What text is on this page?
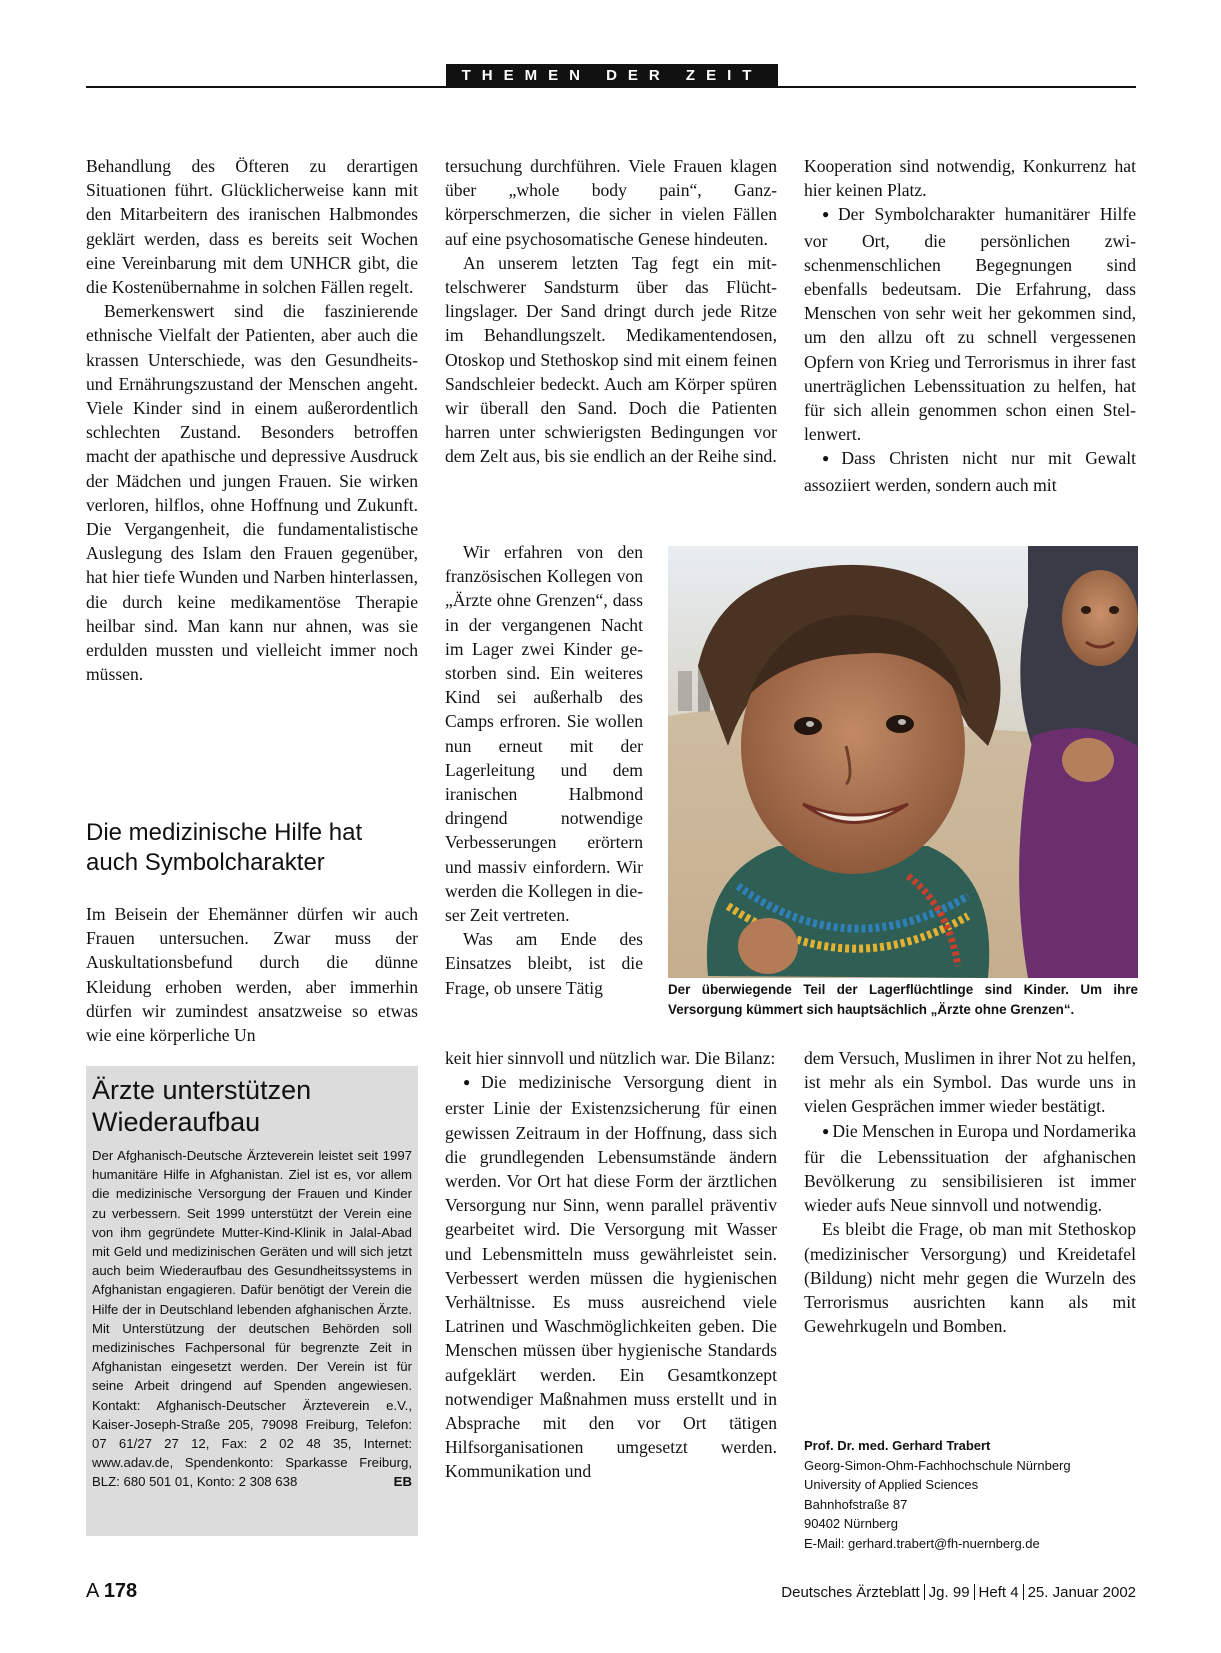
THEMEN DER ZEIT

Behandlung des Öfteren zu derartigen Situationen führt. Glücklicherweise kann mit den Mitarbeitern des iranischen Halbmondes geklärt werden, dass es bereits seit Wochen eine Vereinbarung mit dem UNHCR gibt, die die Kostenübernahme in solchen Fällen regelt.

Bemerkenswert sind die faszinierende ethnische Vielfalt der Patienten, aber auch die krassen Unterschiede, was den Gesundheits- und Ernährungszustand der Menschen angeht. Viele Kinder sind in einem außerordentlich schlechten Zustand. Besonders betroffen macht der apathische und depressive Ausdruck der Mädchen und jungen Frauen. Sie wirken verloren, hilflos, ohne Hoffnung und Zukunft. Die Vergangenheit, die fundamentalistische Auslegung des Islam den Frauen gegenüber, hat hier tiefe Wunden und Narben hinterlassen, die durch keine medikamentöse Therapie heilbar sind. Man kann nur ahnen, was sie erdulden mussten und vielleicht immer noch müssen.

Die medizinische Hilfe hat auch Symbolcharakter

Im Beisein der Ehemänner dürfen wir auch Frauen untersuchen. Zwar muss der Auskultationsbefund durch die dünne Kleidung erhoben werden, aber immerhin dürfen wir zumindest ansatzweise so etwas wie eine körperliche Un

Ärzte unterstützen Wiederaufbau
Der Afghanisch-Deutsche Ärzteverein leistet seit 1997 humanitäre Hilfe in Afghanistan. Ziel ist es, vor allem die medizinische Versorgung der Frauen und Kinder zu verbessern. Seit 1999 unterstützt der Verein eine von ihm gegründete Mutter-Kind-Klinik in Jalal-Abad mit Geld und medizinischen Geräten und will sich jetzt auch beim Wiederaufbau des Gesundheitssystems in Afghanistan engagieren. Dafür benötigt der Verein die Hilfe der in Deutschland lebenden afghanischen Ärzte. Mit Unterstützung der deutschen Behörden soll medizinisches Fachpersonal für begrenzte Zeit in Afghanistan eingesetzt werden. Der Verein ist für seine Arbeit dringend auf Spenden angewiesen. Kontakt: Afghanisch-Deutscher Ärzteverein e.V., Kaiser-Joseph-Straße 205, 79098 Freiburg, Telefon: 07 61/27 27 12, Fax: 2 02 48 35, Internet: www.adav.de, Spendenkonto: Sparkasse Freiburg, BLZ: 680 501 01, Konto: 2 308 638	EB

tersuchung durchführen. Viele Frauen klagen über „whole body pain“, Ganzkörperschmerzen, die sicher in vielen Fällen auf eine psychosomatische Genese hindeuten.

An unserem letzten Tag fegt ein mittelschwerer Sandsturm über das Flüchtlingslager. Der Sand dringt durch jede Ritze im Behandlungszelt. Medikamentendosen, Otoskop und Stethoskop sind mit einem feinen Sandschleier bedeckt. Auch am Körper spüren wir überall den Sand. Doch die Patienten harren unter schwierigsten Bedingungen vor dem Zelt aus, bis sie endlich an der Reihe sind.

Wir erfahren von den französischen Kollegen von „Ärzte ohne Grenzen“, dass in der vergangenen Nacht im Lager zwei Kinder gestorben sind. Ein weiteres Kind sei außerhalb des Camps erfroren. Sie wollen nun erneut mit der Lagerleitung und dem iranischen Halbmond dringend notwendige Verbesserungen erörtern und massiv einfordern. Wir werden die Kollegen in dieser Zeit vertreten.

Was am Ende des Einsatzes bleibt, ist die Frage, ob unsere Tätig

keit hier sinnvoll und nützlich war. Die Bilanz:

● Die medizinische Versorgung dient in erster Linie der Existenzsicherung für einen gewissen Zeitraum in der Hoffnung, dass sich die grundlegenden Lebensumstände ändern werden. Vor Ort hat diese Form der ärztlichen Versorgung nur Sinn, wenn parallel präventiv gearbeitet wird. Die Versorgung mit Wasser und Lebensmitteln muss gewährleistet sein. Verbessert werden müssen die hygienischen Verhältnisse. Es muss ausreichend viele Latrinen und Waschmöglichkeiten geben. Die Menschen müssen über hygienische Standards aufgeklärt werden. Ein Gesamtkonzept notwendiger Maßnahmen muss erstellt und in Absprache mit den vor Ort tätigen Hilfsorganisationen umgesetzt werden. Kommunikation und

Kooperation sind notwendig, Konkurrenz hat hier keinen Platz.

● Der Symbolcharakter humanitärer Hilfe vor Ort, die persönlichen zwischenmenschlichen Begegnungen sind ebenfalls bedeutsam. Die Erfahrung, dass Menschen von sehr weit her gekommen sind, um den allzu oft zu schnell vergessenen Opfern von Krieg und Terrorismus in ihrer fast unerträglichen Lebenssituation zu helfen, hat für sich allein genommen schon einen Stellenwert.

● Dass Christen nicht nur mit Gewalt assoziiert werden, sondern auch mit

Der überwiegende Teil der Lagerflüchtlinge sind Kinder. Um ihre Versorgung kümmert sich hauptsächlich „Ärzte ohne Grenzen“.

dem Versuch, Muslimen in ihrer Not zu helfen, ist mehr als ein Symbol. Das wurde uns in vielen Gesprächen immer wieder bestätigt.

● Die Menschen in Europa und Nordamerika für die Lebenssituation der afghanischen Bevölkerung zu sensibilisieren ist immer wieder aufs Neue sinnvoll und notwendig.

Es bleibt die Frage, ob man mit Stethoskop (medizinischer Versorgung) und Kreidetafel (Bildung) nicht mehr gegen die Wurzeln des Terrorismus ausrichten kann als mit Gewehrkugeln und Bomben.

Prof. Dr. med. Gerhard Trabert
Georg-Simon-Ohm-Fachhochschule Nürnberg
University of Applied Sciences
Bahnhofstraße 87
90402 Nürnberg
E-Mail: gerhard.trabert@fh-nuernberg.de
A 178	Deutsches Ärzteblatt Jg. 99 Heft 4 25. Januar 2002
